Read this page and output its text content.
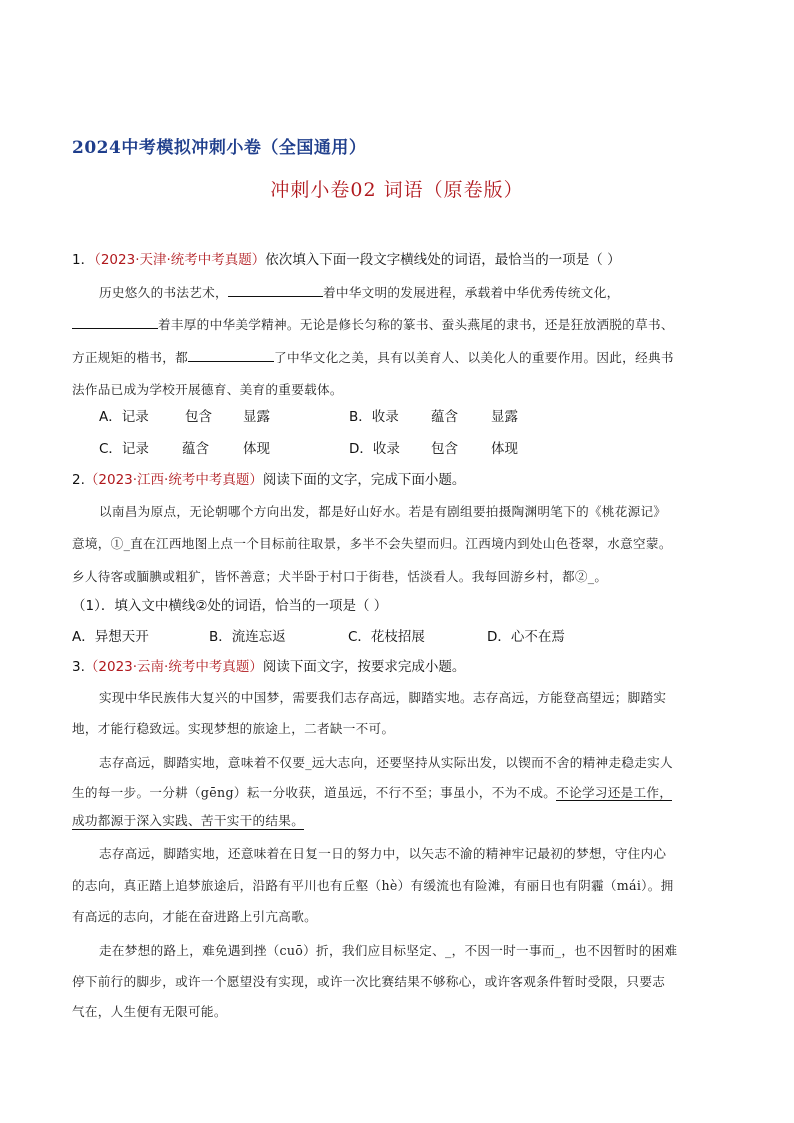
2024中考模拟冲刺小卷（全国通用）
冲刺小卷02 词语（原卷版）
1．（2023·天津·统考中考真题）依次填入下面一段文字横线处的词语，最恰当的一项是（ ）
历史悠久的书法艺术，	着中华文明的发展进程，承载着中华优秀传统文化，
着丰厚的中华美学精神。无论是修长匀称的篆书、蚕头燕尾的隶书，还是狂放洒脱的草书、
方正规矩的楷书，都	了中华文化之美，具有以美育人、以美化人的重要作用。因此，经典书
法作品已成为学校开展德育、美育的重要载体。
A．记录	包含 显露	B．收录 蕴含 显露
C．记录 蕴含	体现	D．收录 包含 体现
2.（2023·江西·统考中考真题）阅读下面的文字，完成下面小题。
以南昌为原点，无论朝哪个方向出发，都是好山好水。若是有剧组要拍摄陶渊明笔下的《桃花源记》
意境，①_直在江西地图上点一个目标前往取景，多半不会失望而归。江西境内到处山色苍翠，水意空蒙。
乡人待客或腼腆或粗犷，皆怀善意；犬半卧于村口于街巷，恬淡看人。我每回游乡村，都②_。
（1）．填入文中横线②处的词语，恰当的一项是（ ）
A．异想天开	B．流连忘返	C．花枝招展	D．心不在焉
3.（2023·云南·统考中考真题）阅读下面文字，按要求完成小题。
实现中华民族伟大复兴的中国梦，需要我们志存高远，脚踏实地。志存高远，方能登高望远；脚踏实
地，才能行稳致远。实现梦想的旅途上，二者缺一不可。
志存高远，脚踏实地，意味着不仅要_远大志向，还要坚持从实际出发，以锲而不舍的精神走稳走实人
生的每一步。一分耕（gēng）耘一分收获，道虽远，不行不至；事虽小，不为不成。不论学习还是工作，
成功都源于深入实践、苦干实干的结果。
志存高远，脚踏实地，还意味着在日复一日的努力中，以矢志不渝的精神牢记最初的梦想，守住内心
的志向，真正踏上追梦旅途后，沿路有平川也有丘壑（hè）有缓流也有险滩，有丽日也有阴霾（mái）。拥
有高远的志向，才能在奋进路上引亢高歌。
走在梦想的路上，难免遇到挫（cuō）折，我们应目标坚定、_，不因一时一事而_，也不因暂时的困难
停下前行的脚步，或许一个愿望没有实现，或许一次比赛结果不够称心，或许客观条件暂时受限，只要志
气在，人生便有无限可能。
